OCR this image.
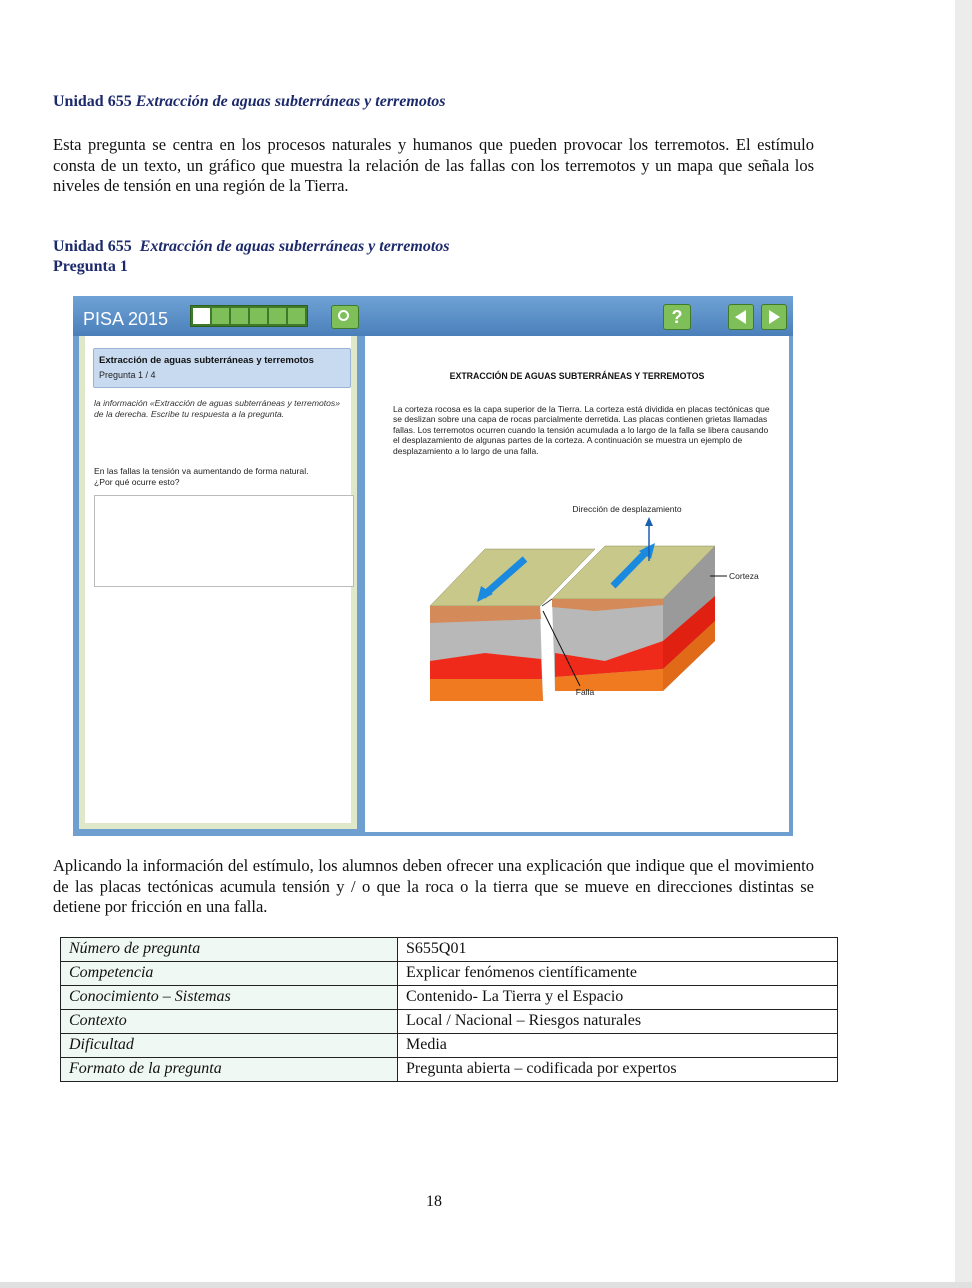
Unidad 655 Extracción de aguas subterráneas y terremotos
Esta pregunta se centra en los procesos naturales y humanos que pueden provocar los terremotos. El estímulo consta de un texto, un gráfico que muestra la relación de las fallas con los terremotos y un mapa que señala los niveles de tensión en una región de la Tierra.
Unidad 655 Extracción de aguas subterráneas y terremotos
Pregunta 1
PISA 2015	?
Extracción de aguas subterráneas y terremotos
Pregunta 1 / 4
la información «Extracción de aguas subterráneas y terremotos» de la derecha. Escribe tu respuesta a la pregunta.
En las fallas la tensión va aumentando de forma natural.
¿Por qué ocurre esto?
EXTRACCIÓN DE AGUAS SUBTERRÁNEAS Y TERREMOTOS
La corteza rocosa es la capa superior de la Tierra. La corteza está dividida en placas tectónicas que se deslizan sobre una capa de rocas parcialmente derretida. Las placas contienen grietas llamadas fallas. Los terremotos ocurren cuando la tensión acumulada a lo largo de la falla se libera causando el desplazamiento de algunas partes de la corteza. A continuación se muestra un ejemplo de desplazamiento a lo largo de una falla.
Dirección de desplazamiento
Corteza
Falla
Aplicando la información del estímulo, los alumnos deben ofrecer una explicación que indique que el movimiento de las placas tectónicas acumula tensión y / o que la roca o la tierra que se mueve en direcciones distintas se detiene por fricción en una falla.
Número de pregunta	S655Q01
Competencia	Explicar fenómenos científicamente
Conocimiento – Sistemas	Contenido- La Tierra y el Espacio
Contexto	Local / Nacional – Riesgos naturales
Dificultad	Media
Formato de la pregunta	Pregunta abierta – codificada por expertos
18
